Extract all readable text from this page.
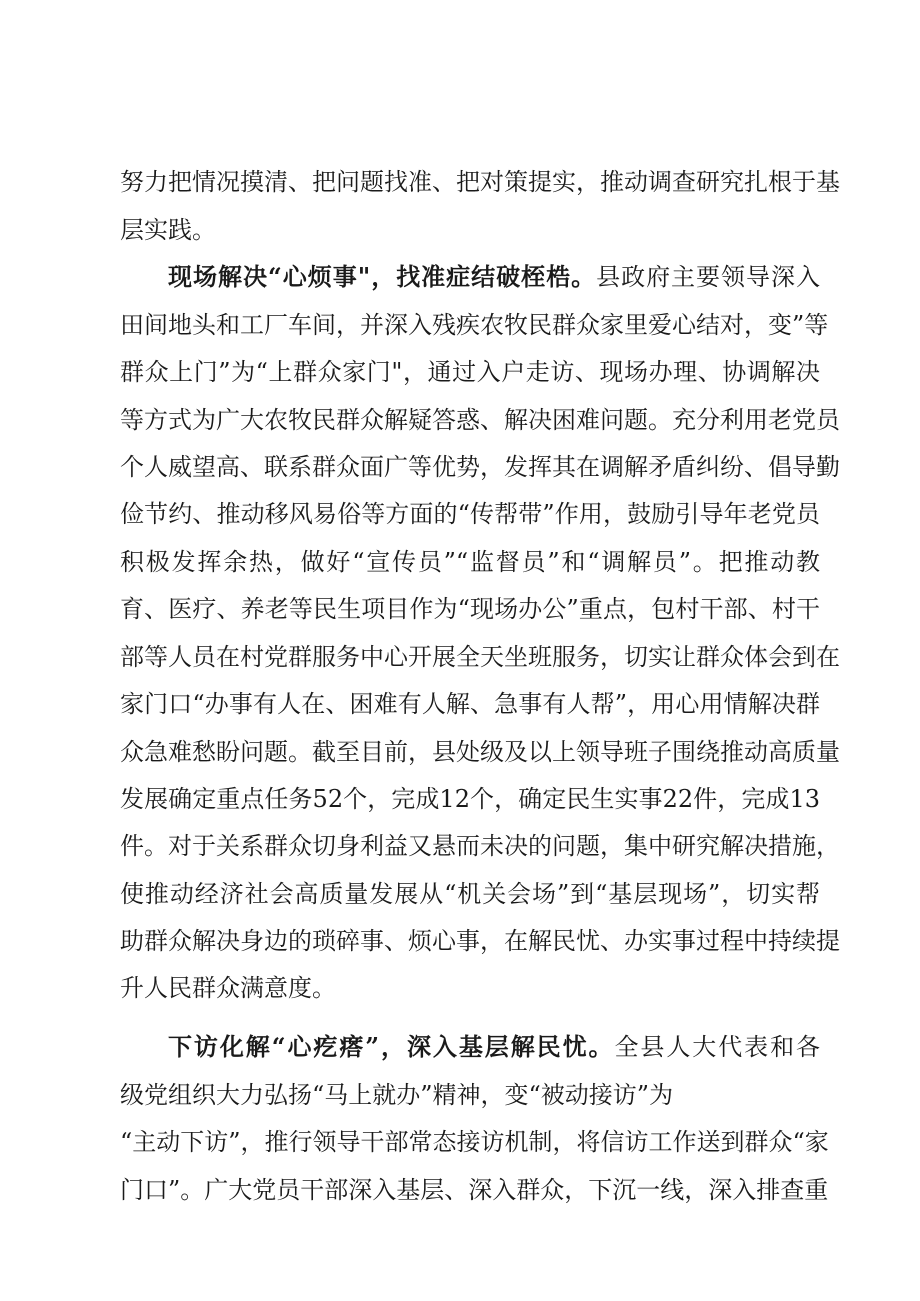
努力把情况摸清、把问题找准、把对策提实，推动调查研究扎根于基
层实践。
现场解决“心烦事"，找准症结破桎梏。县政府主要领导深入
田间地头和工厂车间，并深入残疾农牧民群众家里爱心结对，变”等
群众上门”为“上群众家门"，通过入户走访、现场办理、协调解决
等方式为广大农牧民群众解疑答惑、解决困难问题。充分利用老党员
个人威望高、联系群众面广等优势，发挥其在调解矛盾纠纷、倡导勤
俭节约、推动移风易俗等方面的“传帮带”作用，鼓励引导年老党员
积极发挥余热，做好“宣传员”“监督员”和“调解员”。把推动教
育、医疗、养老等民生项目作为“现场办公”重点，包村干部、村干
部等人员在村党群服务中心开展全天坐班服务，切实让群众体会到在
家门口“办事有人在、困难有人解、急事有人帮”，用心用情解决群
众急难愁盼问题。截至目前，县处级及以上领导班子围绕推动高质量
发展确定重点任务52个，完成12个，确定民生实事22件，完成13
件。对于关系群众切身利益又悬而未决的问题，集中研究解决措施，
使推动经济社会高质量发展从“机关会场”到“基层现场”，切实帮
助群众解决身边的琐碎事、烦心事，在解民忧、办实事过程中持续提
升人民群众满意度。
下访化解“心疙瘩”，深入基层解民忧。全县人大代表和各
级党组织大力弘扬“马上就办”精神，变“被动接访”为
“主动下访”，推行领导干部常态接访机制，将信访工作送到群众“家
门口”。广大党员干部深入基层、深入群众，下沉一线，深入排查重
